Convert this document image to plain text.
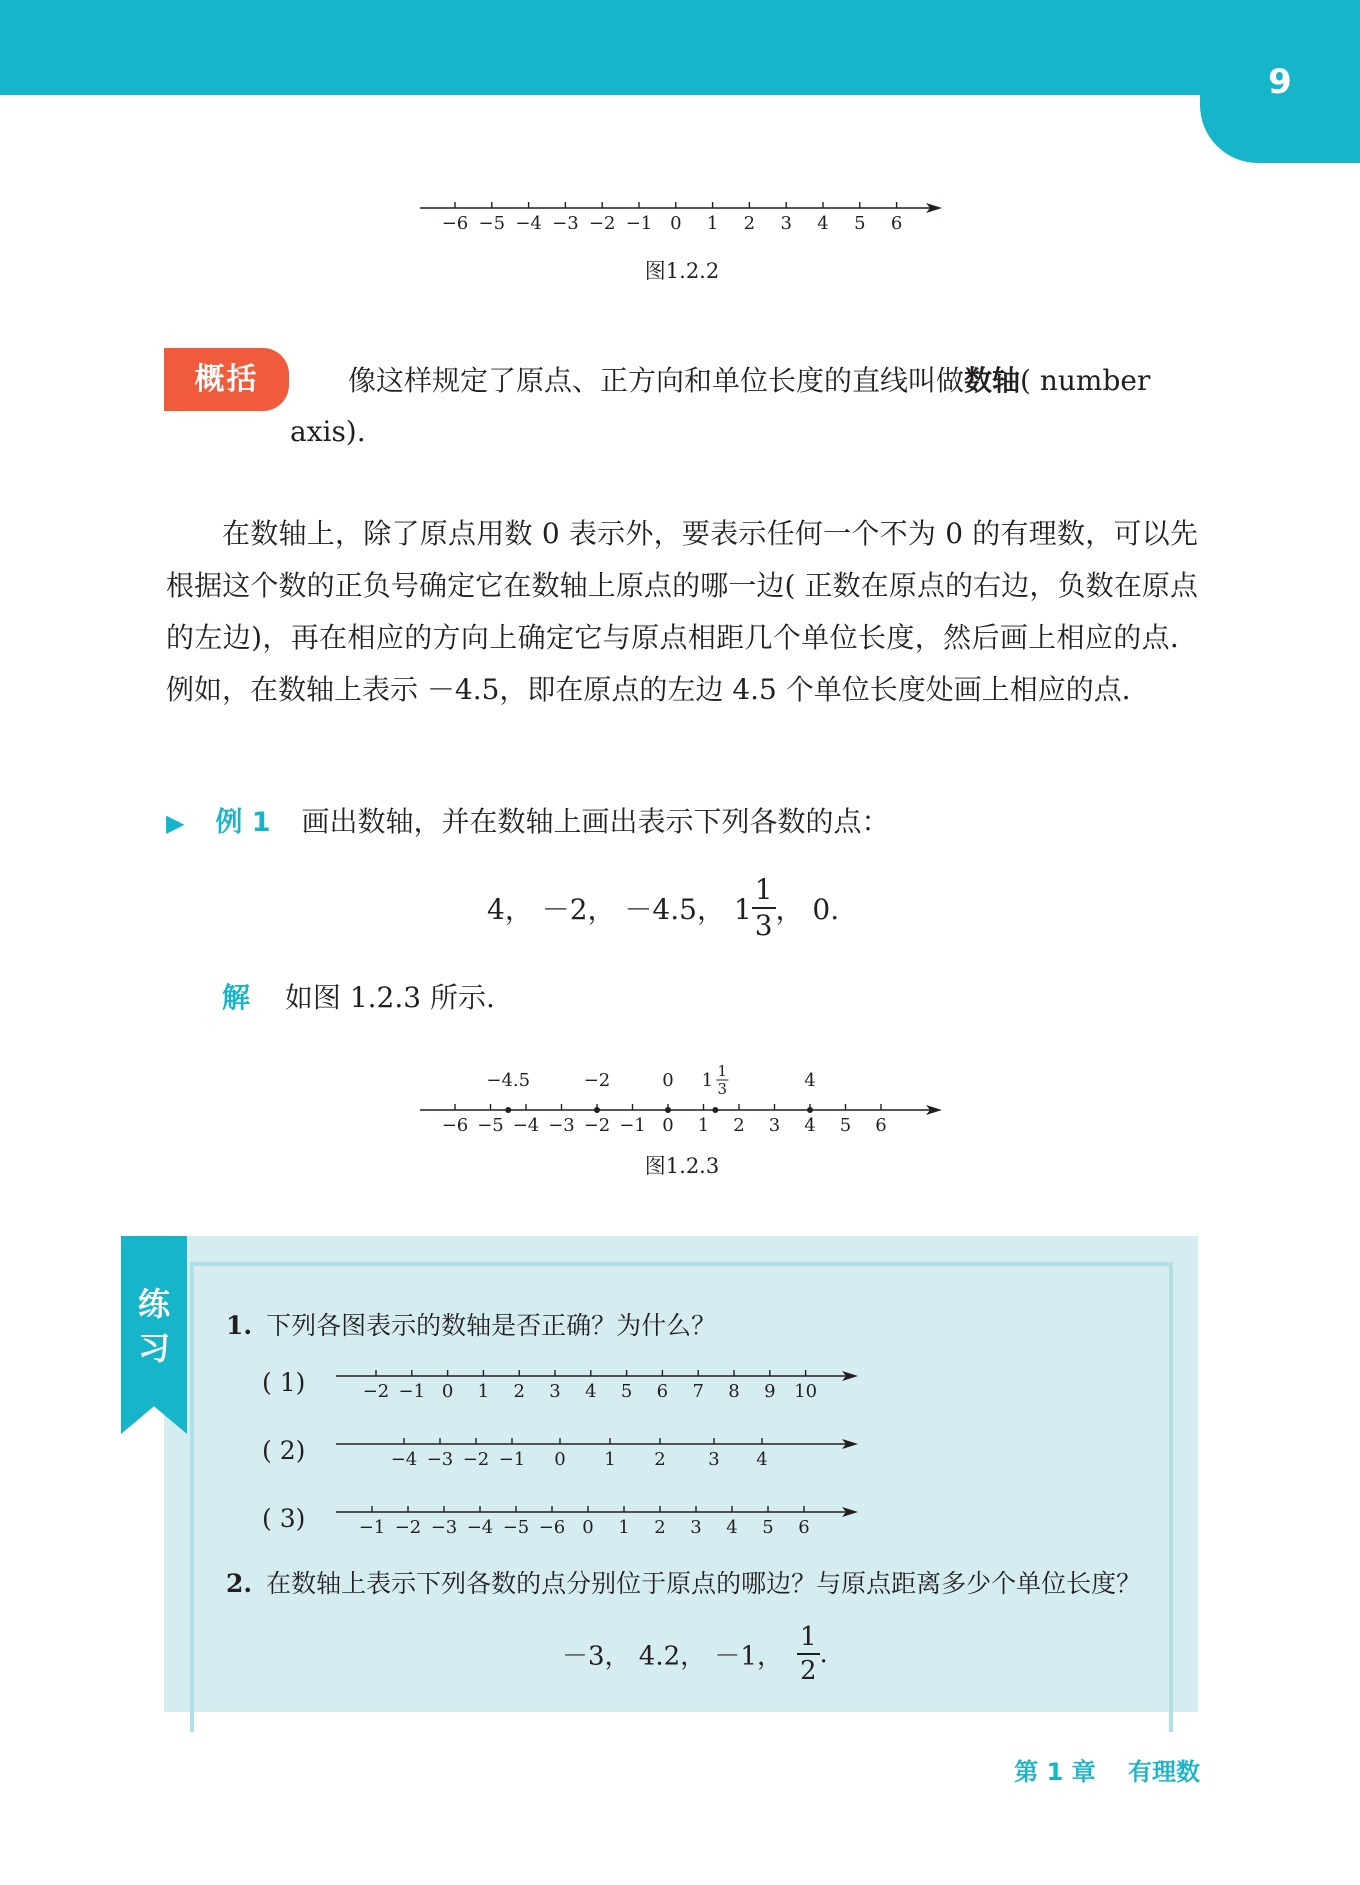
9
−6 −5 −4 −3 −2 −1 0 1 2 3 4 5 6
图1.2.2
概括	像这样规定了原点、正方向和单位长度的直线叫做数轴( number
axis).
在数轴上，除了原点用数 0 表示外，要表示任何一个不为 0 的有理数，可以先根据这个数的正负号确定它在数轴上原点的哪一边( 正数在原点的右边，负数在原点的左边)，再在相应的方向上确定它与原点相距几个单位长度，然后画上相应的点．例如，在数轴上表示 －4.5，即在原点的左边 4.5 个单位长度处画上相应的点．
▶ 例 1 画出数轴，并在数轴上画出表示下列各数的点：
4， －2， －4.5， $1 \frac{1}{3}$ ， 0.
解 如图 1.2.3 所示.
−6 −5 −4 −3 −2 −1 0 1 2 3 4 5 6
−4.5	−2	0 1 1
3	4
图1.2.3
练
习
1. 下列各图表示的数轴是否正确？为什么？
( 1)	−2 −1 0 1 2 3 4 5 6 7 8 9 10
( 2)	−4 −3 −2 −1 0 1 2 3 4
( 3)	−1 −2 −3 −4 −5 −6 0 1 2 3 4 5 6
2. 在数轴上表示下列各数的点分别位于原点的哪边？与原点距离多少个单位长度？
－3， 4.2， －1， $\frac{1}{2}$ .
第 1 章 有理数
